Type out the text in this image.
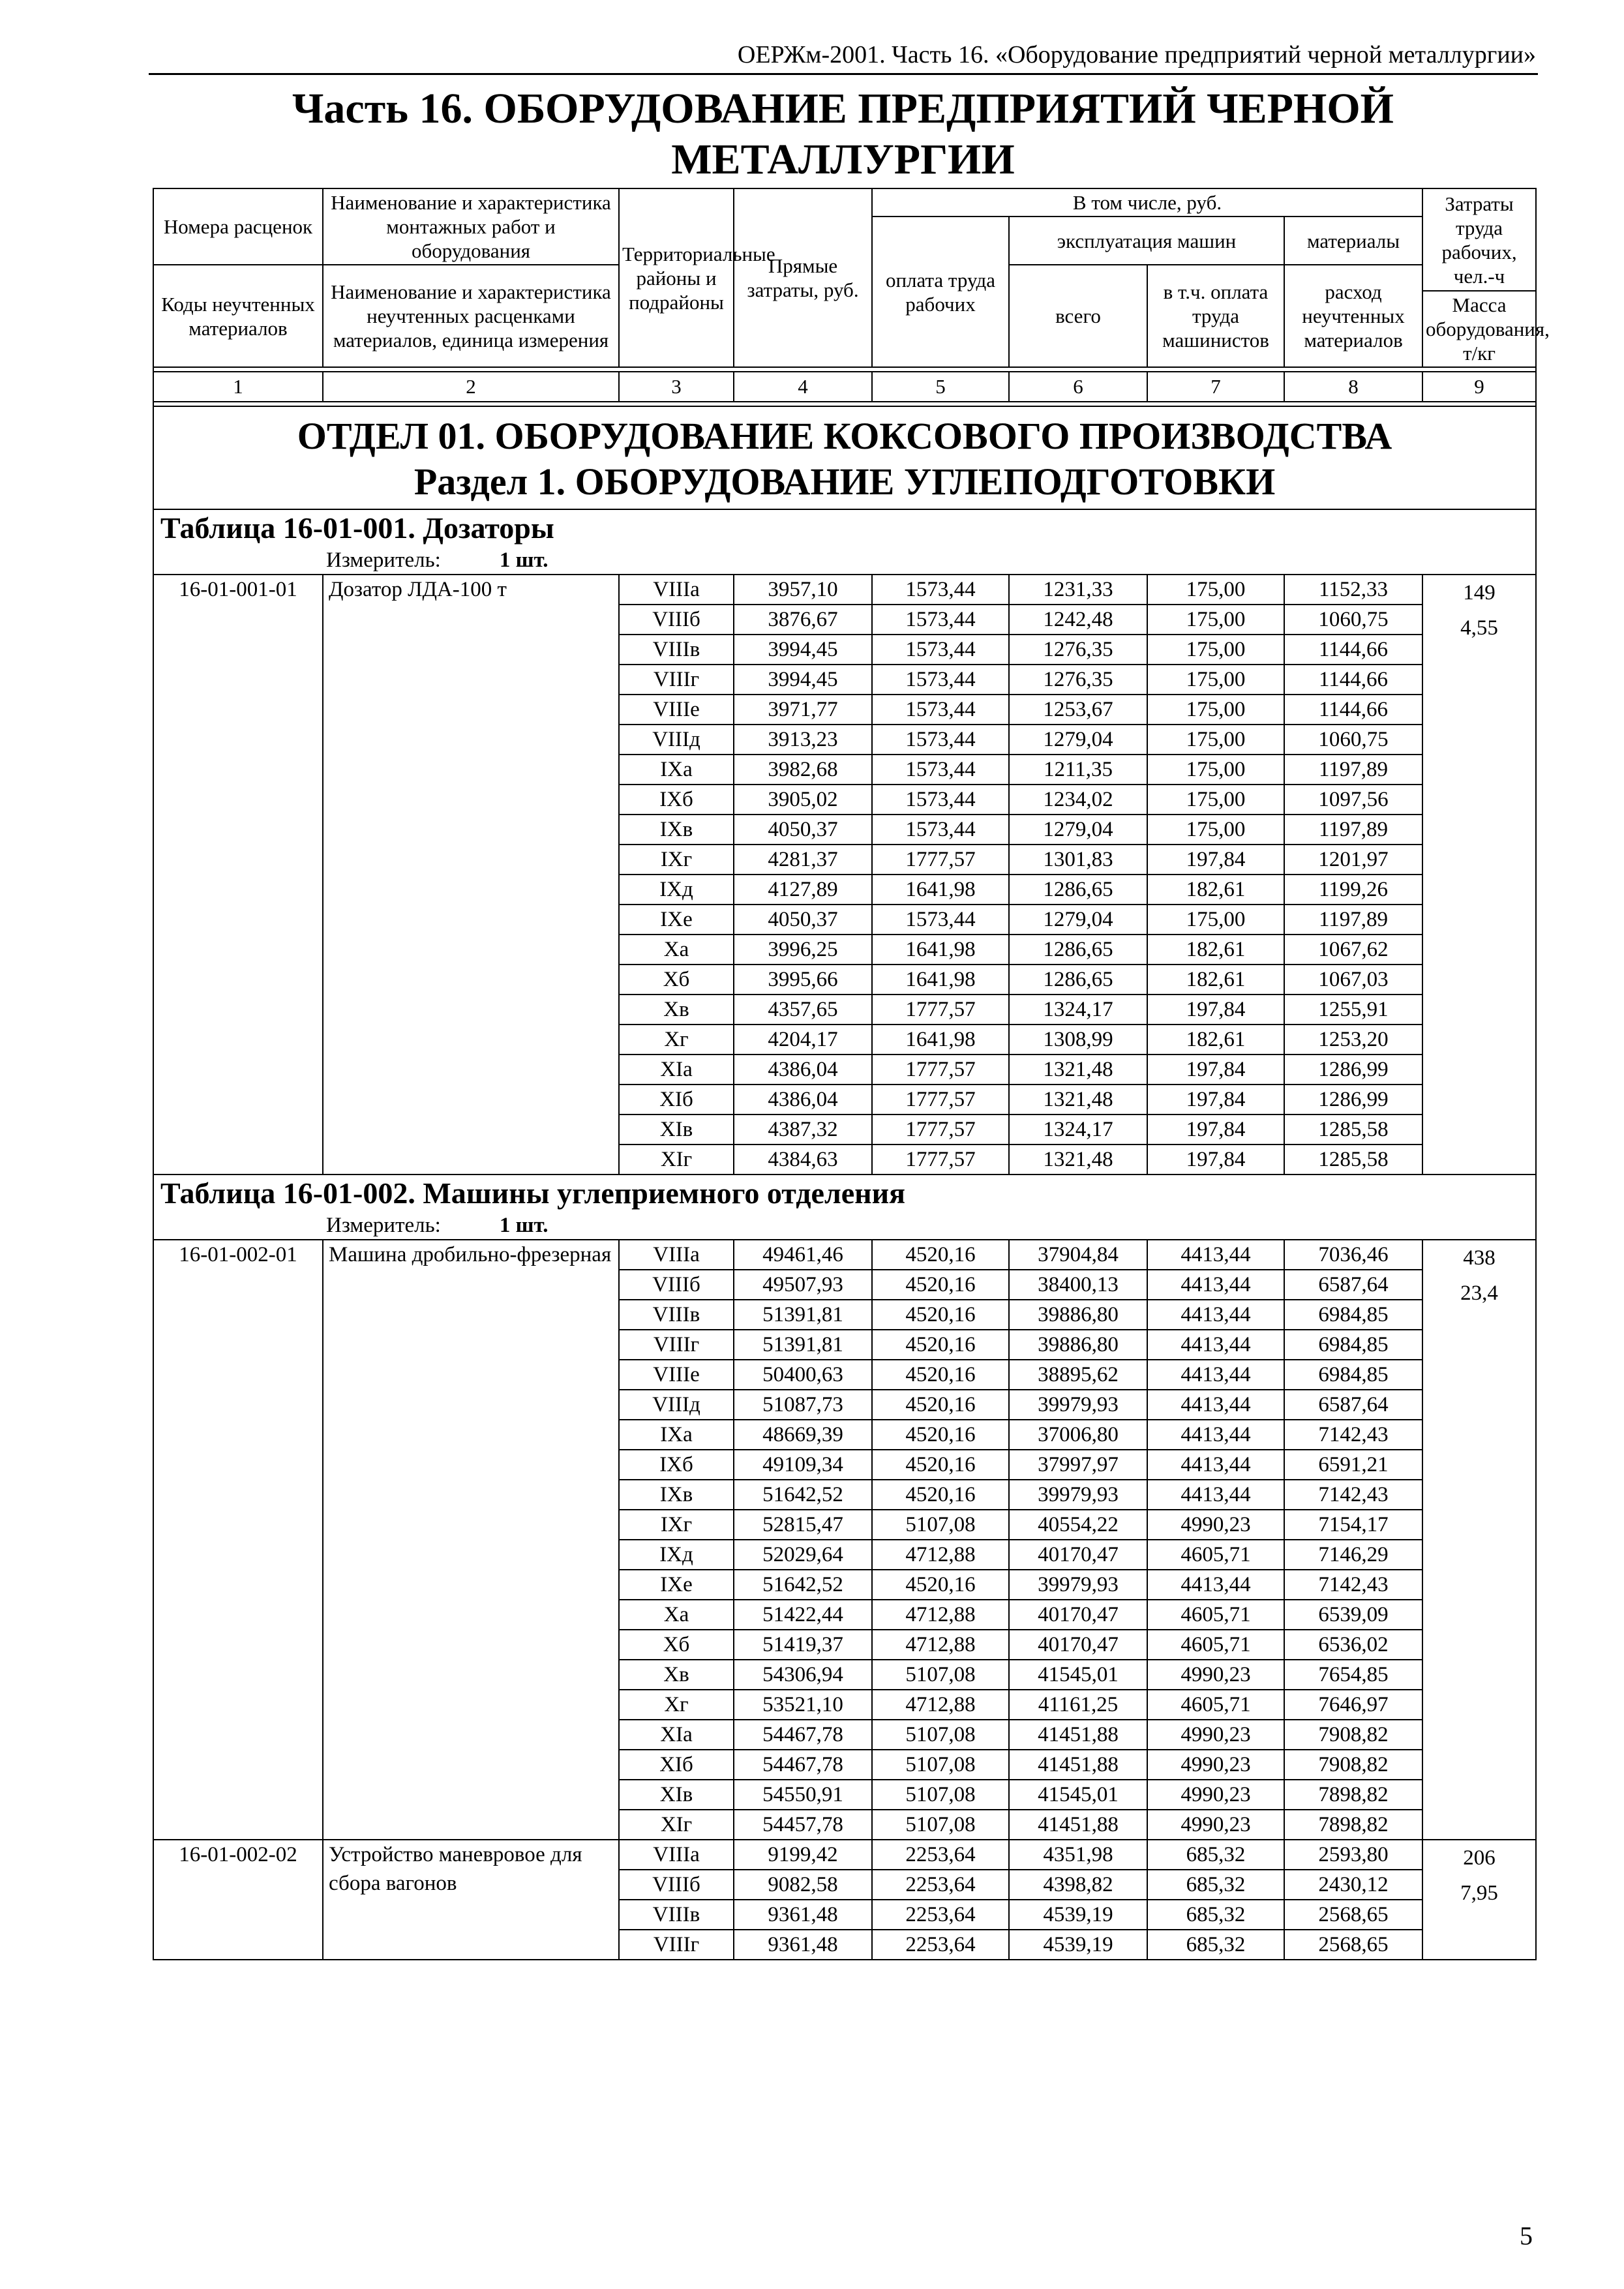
ОЕРЖм-2001. Часть 16. «Оборудование предприятий черной металлургии»
Часть 16. ОБОРУДОВАНИЕ ПРЕДПРИЯТИЙ ЧЕРНОЙ МЕТАЛЛУРГИИ
Номера расценок	Наименование и характеристика монтажных работ и оборудования	Территориальные районы и подрайоны	Прямые затраты, руб.	В том числе, руб.				Затраты труда рабочих, чел.-ч
				оплата труда рабочих	эксплуатация машин		материалы	
Коды неучтенных материалов	Наименование и характеристика неучтенных расценками материалов, единица измерения				всего	в т.ч. оплата труда машинистов	расход неучтенных материалов	
								Масса оборудования, т/кг

1	2	3	4	5	6	7	8	9

ОТДЕЛ 01. ОБОРУДОВАНИЕ КОКСОВОГО ПРОИЗВОДСТВА								
Раздел 1. ОБОРУДОВАНИЕ УГЛЕПОДГОТОВКИ								
Таблица 16-01-001. Дозаторы								
Измеритель: 1 шт.								
16-01-001-01	Дозатор ЛДА-100 т	VIIIa	3957,10	1573,44	1231,33	175,00	1152,33	149
4,55

		VIIIб	3876,67	1573,44	1242,48	175,00	1060,75	
		VIIIв	3994,45	1573,44	1276,35	175,00	1144,66	
		VIIIг	3994,45	1573,44	1276,35	175,00	1144,66	
		VIIIе	3971,77	1573,44	1253,67	175,00	1144,66	
		VIIIд	3913,23	1573,44	1279,04	175,00	1060,75	
		IXa	3982,68	1573,44	1211,35	175,00	1197,89	
		IXб	3905,02	1573,44	1234,02	175,00	1097,56	
		IXв	4050,37	1573,44	1279,04	175,00	1197,89	
		IXг	4281,37	1777,57	1301,83	197,84	1201,97	
		IXд	4127,89	1641,98	1286,65	182,61	1199,26	
		IXе	4050,37	1573,44	1279,04	175,00	1197,89	
		Xa	3996,25	1641,98	1286,65	182,61	1067,62	
		Xб	3995,66	1641,98	1286,65	182,61	1067,03	
		Xв	4357,65	1777,57	1324,17	197,84	1255,91	
		Xг	4204,17	1641,98	1308,99	182,61	1253,20	
		XIa	4386,04	1777,57	1321,48	197,84	1286,99	
		XIб	4386,04	1777,57	1321,48	197,84	1286,99	
		XIв	4387,32	1777,57	1324,17	197,84	1285,58	
		XIг	4384,63	1777,57	1321,48	197,84	1285,58	
Таблица 16-01-002. Машины углеприемного отделения								
Измеритель: 1 шт.								
16-01-002-01	Машина дробильно-фрезерная	VIIIa	49461,46	4520,16	37904,84	4413,44	7036,46	438
23,4

		VIIIб	49507,93	4520,16	38400,13	4413,44	6587,64	
		VIIIв	51391,81	4520,16	39886,80	4413,44	6984,85	
		VIIIг	51391,81	4520,16	39886,80	4413,44	6984,85	
		VIIIе	50400,63	4520,16	38895,62	4413,44	6984,85	
		VIIIд	51087,73	4520,16	39979,93	4413,44	6587,64	
		IXa	48669,39	4520,16	37006,80	4413,44	7142,43	
		IXб	49109,34	4520,16	37997,97	4413,44	6591,21	
		IXв	51642,52	4520,16	39979,93	4413,44	7142,43	
		IXг	52815,47	5107,08	40554,22	4990,23	7154,17	
		IXд	52029,64	4712,88	40170,47	4605,71	7146,29	
		IXе	51642,52	4520,16	39979,93	4413,44	7142,43	
		Xa	51422,44	4712,88	40170,47	4605,71	6539,09	
		Xб	51419,37	4712,88	40170,47	4605,71	6536,02	
		Xв	54306,94	5107,08	41545,01	4990,23	7654,85	
		Xг	53521,10	4712,88	41161,25	4605,71	7646,97	
		XIa	54467,78	5107,08	41451,88	4990,23	7908,82	
		XIб	54467,78	5107,08	41451,88	4990,23	7908,82	
		XIв	54550,91	5107,08	41545,01	4990,23	7898,82	
		XIг	54457,78	5107,08	41451,88	4990,23	7898,82	
16-01-002-02	Устройство маневровое для сбора вагонов	VIIIa	9199,42	2253,64	4351,98	685,32	2593,80	206
7,95

		VIIIб	9082,58	2253,64	4398,82	685,32	2430,12	
		VIIIв	9361,48	2253,64	4539,19	685,32	2568,65	
		VIIIг	9361,48	2253,64	4539,19	685,32	2568,65	
5
